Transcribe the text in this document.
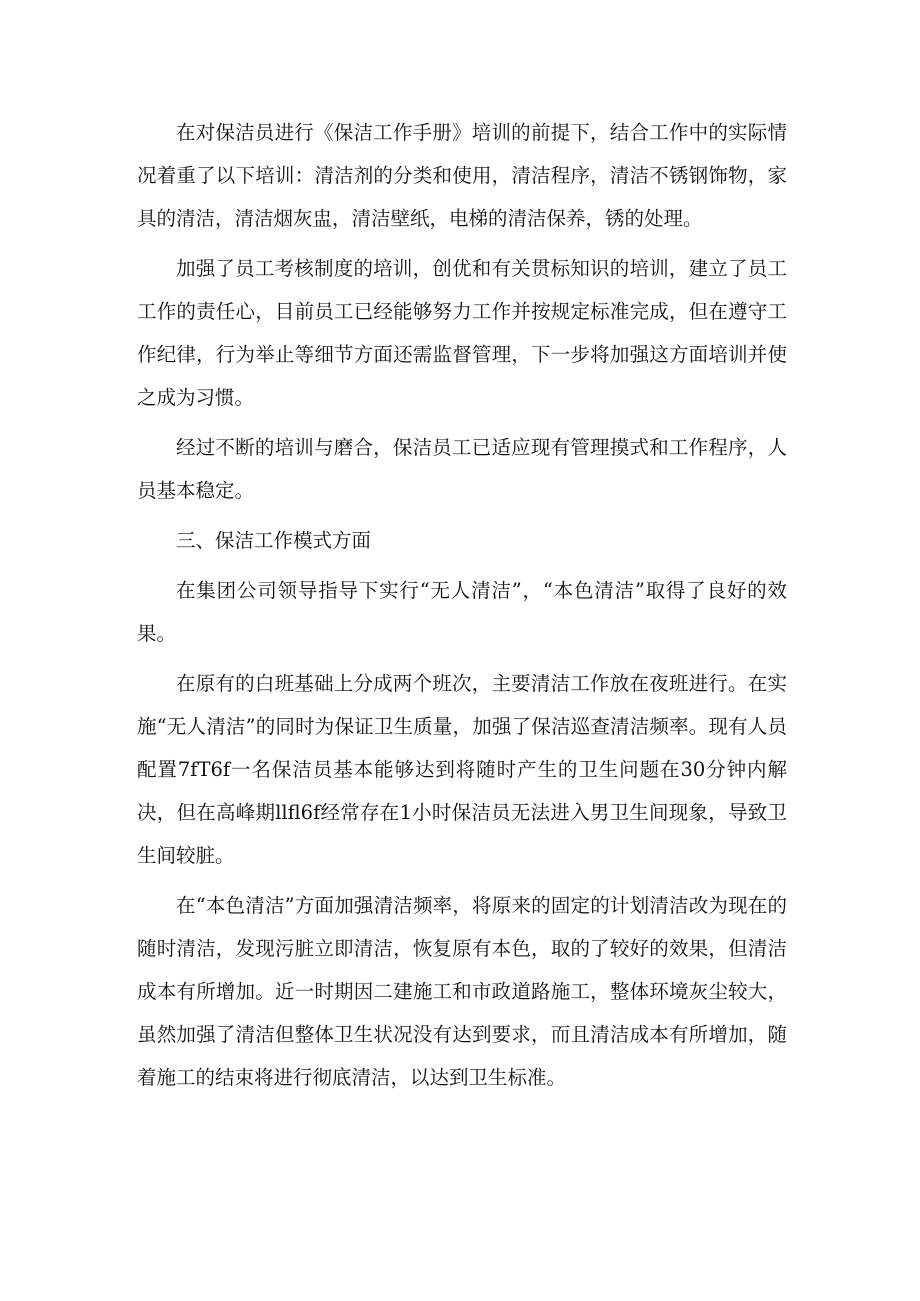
在对保洁员进行《保洁工作手册》培训的前提下，结合工作中的实际情况着重了以下培训：清洁剂的分类和使用，清洁程序，清洁不锈钢饰物，家具的清洁，清洁烟灰盅，清洁壁纸，电梯的清洁保养，锈的处理。

加强了员工考核制度的培训，创优和有关贯标知识的培训，建立了员工工作的责任心，目前员工已经能够努力工作并按规定标准完成，但在遵守工作纪律，行为举止等细节方面还需监督管理，下一步将加强这方面培训并使之成为习惯。

经过不断的培训与磨合，保洁员工已适应现有管理摸式和工作程序，人员基本稳定。

三、保洁工作模式方面

在集团公司领导指导下实行“无人清洁”，“本色清洁”取得了良好的效果。

在原有的白班基础上分成两个班次，主要清洁工作放在夜班进行。在实施“无人清洁”的同时为保证卫生质量，加强了保洁巡查清洁频率。现有人员配置7fT6f一名保洁员基本能够达到将随时产生的卫生问题在30分钟内解决，但在高峰期llfl6f经常存在1小时保洁员无法进入男卫生间现象，导致卫生间较脏。

在“本色清洁”方面加强清洁频率，将原来的固定的计划清洁改为现在的随时清洁，发现污脏立即清洁，恢复原有本色，取的了较好的效果，但清洁成本有所增加。近一时期因二建施工和市政道路施工，整体环境灰尘较大，虽然加强了清洁但整体卫生状况没有达到要求，而且清洁成本有所增加，随着施工的结束将进行彻底清洁，以达到卫生标准。
